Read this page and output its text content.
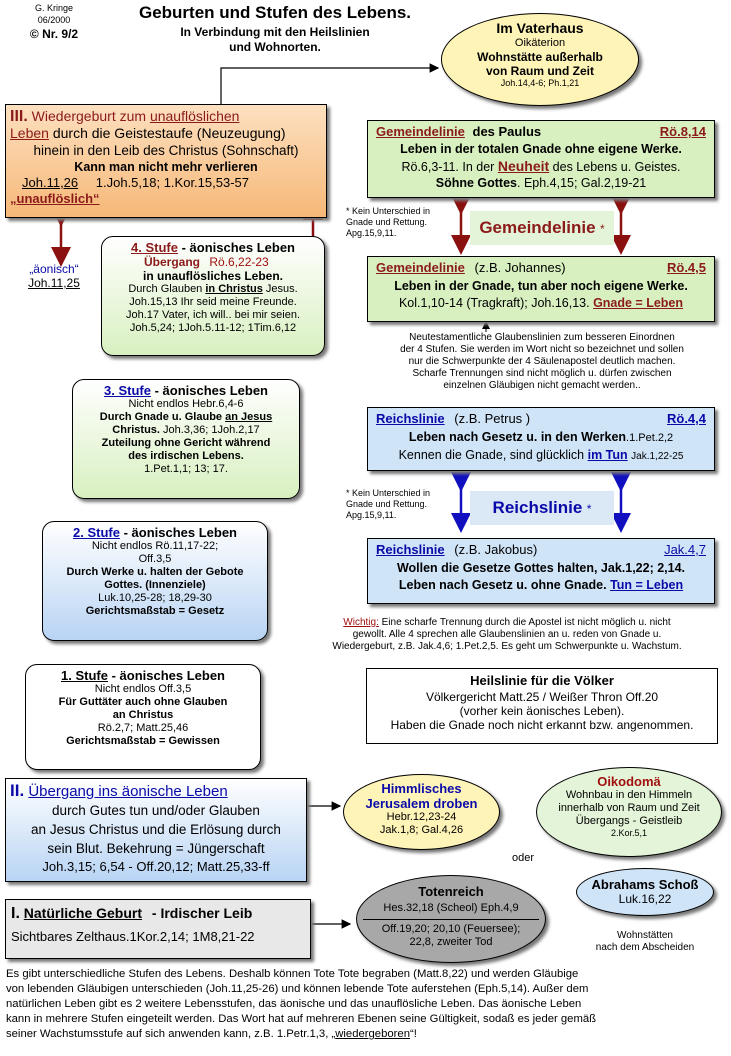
G. Kringe
06/2000
© Nr. 9/2
Geburten und Stufen des Lebens.
In Verbindung mit den Heilslinien
und Wohnorten.
Im Vaterhaus
Oikäterion
Wohnstätte außerhalb
von Raum und Zeit
Joh.14,4-6; Ph.1,21
III. Wiedergeburt zum unauflöslichen
Leben durch die Geistestaufe (Neuzeugung)
hinein in den Leib des Christus (Sohnschaft)
Kann man nicht mehr verlieren
Joh.11,26 1.Joh.5,18; 1.Kor.15,53-57
„unauflöslich“
„äonisch“
Joh.11,25
4. Stufe - äonisches Leben
Übergang Rö.6,22-23
in unauflösliches Leben.
Durch Glauben in Christus Jesus.
Joh.15,13 Ihr seid meine Freunde.
Joh.17 Vater, ich will.. bei mir seien.
Joh.5,24; 1Joh.5.11-12; 1Tim.6,12
3. Stufe - äonisches Leben
Nicht endlos Hebr.6,4-6
Durch Gnade u. Glaube an Jesus
Christus. Joh.3,36; 1Joh.2,17
Zuteilung ohne Gericht während
des irdischen Lebens.
1.Pet.1,1; 13; 17.
2. Stufe - äonisches Leben
Nicht endlos Rö.11,17-22;
Off.3,5
Durch Werke u. halten der Gebote
Gottes. (Innenziele)
Luk.10,25-28; 18,29-30
Gerichtsmaßstab = Gesetz
1. Stufe - äonisches Leben
Nicht endlos Off.3,5
Für Guttäter auch ohne Glauben
an Christus
Rö.2,7; Matt.25,46
Gerichtsmaßstab = Gewissen
II. Übergang ins äonische Leben
durch Gutes tun und/oder Glauben
an Jesus Christus und die Erlösung durch
sein Blut. Bekehrung = Jüngerschaft
Joh.3,15; 6,54 - Off.20,12; Matt.25,33-ff
I. Natürliche Geburt - Irdischer Leib
Sichtbares Zelthaus.1Kor.2,14; 1M8,21-22
Gemeindelinie des Paulus	Rö.8,14
Leben in der totalen Gnade ohne eigene Werke.
Rö.6,3-11. In der Neuheit des Lebens u. Geistes.
Söhne Gottes. Eph.4,15; Gal.2,19-21
* Kein Unterschied in
Gnade und Rettung.
Apg.15,9,11.	Gemeindelinie *
Gemeindelinie (z.B. Johannes)	Rö.4,5
Leben in der Gnade, tun aber noch eigene Werke.
Kol.1,10-14 (Tragkraft); Joh.16,13. Gnade = Leben
Neutestamentliche Glaubenslinien zum besseren Einordnen
der 4 Stufen. Sie werden im Wort nicht so bezeichnet und sollen
nur die Schwerpunkte der 4 Säulenapostel deutlich machen.
Scharfe Trennungen sind nicht möglich u. dürfen zwischen
einzelnen Gläubigen nicht gemacht werden..
Reichslinie (z.B. Petrus )	Rö.4,4
Leben nach Gesetz u. in den Werken.1.Pet.2,2
Kennen die Gnade, sind glücklich im Tun Jak.1,22-25
* Kein Unterschied in
Gnade und Rettung.
Apg.15,9,11.	Reichslinie *
Reichslinie (z.B. Jakobus)	Jak.4,7
Wollen die Gesetze Gottes halten, Jak.1,22; 2,14.
Leben nach Gesetz u. ohne Gnade. Tun = Leben
Wichtig: Eine scharfe Trennung durch die Apostel ist nicht möglich u. nicht
gewollt. Alle 4 sprechen alle Glaubenslinien an u. reden von Gnade u.
Wiedergeburt, z.B. Jak.4,6; 1.Pet.2,5. Es geht um Schwerpunkte u. Wachstum.
Heilslinie für die Völker
Völkergericht Matt.25 / Weißer Thron Off.20
(vorher kein äonisches Leben).
Haben die Gnade noch nicht erkannt bzw. angenommen.
Himmlisches
Jerusalem droben
Hebr.12,23-24
Jak.1,8; Gal.4,26
Oikodomä
Wohnbau in den Himmeln
innerhalb von Raum und Zeit
Übergangs - Geistleib
2.Kor.5,1
oder
Abrahams Schoß
Luk.16,22
Totenreich
Hes.32,18 (Scheol) Eph.4,9
Off.19,20; 20,10 (Feuersee);
22,8, zweiter Tod
Wohnstätten
nach dem Abscheiden
Es gibt unterschiedliche Stufen des Lebens. Deshalb können Tote Tote begraben (Matt.8,22) und werden Gläubige
von lebenden Gläubigen unterschieden (Joh.11,25-26) und können lebende Tote auferstehen (Eph.5,14). Außer dem
natürlichen Leben gibt es 2 weitere Lebensstufen, das äonische und das unauflösliche Leben. Das äonische Leben
kann in mehrere Stufen eingeteilt werden. Das Wort hat auf mehreren Ebenen seine Gültigkeit, sodaß es jeder gemäß
seiner Wachstumsstufe auf sich anwenden kann, z.B. 1.Petr.1,3, „wiedergeboren“!
